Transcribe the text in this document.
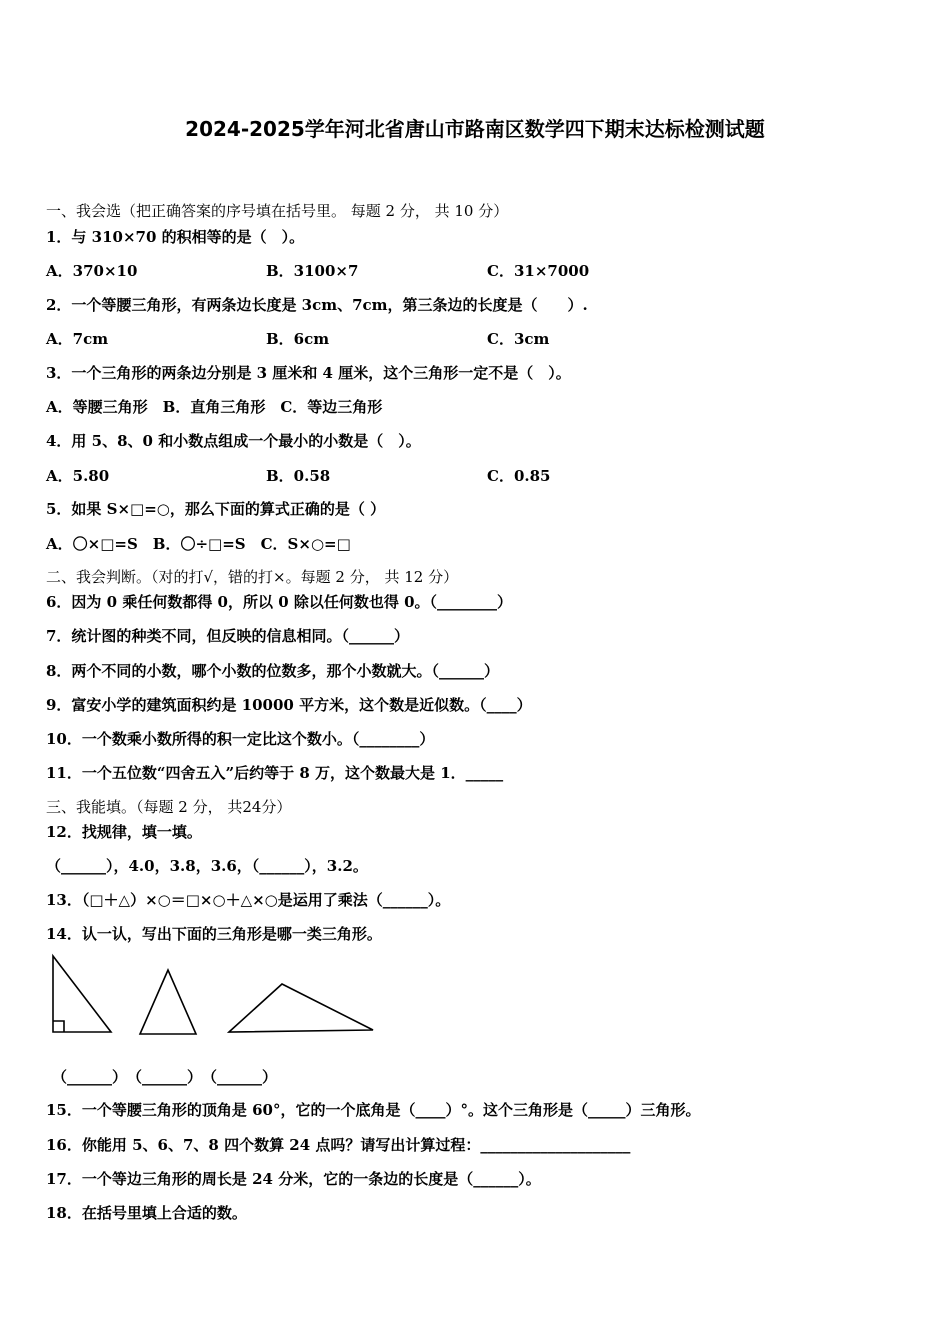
2024-2025学年河北省唐山市路南区数学四下期末达标检测试题
一、我会选（把正确答案的序号填在括号里。 每题 2 分， 共 10 分）
1．与 310×70 的积相等的是（　）。
A．370×10	B．3100×7	C．31×7000
2．一个等腰三角形，有两条边长度是 3cm、7cm，第三条边的长度是（　　）.
A．7cm	B．6cm	C．3cm
3．一个三角形的两条边分别是 3 厘米和 4 厘米，这个三角形一定不是（　）。
A．等腰三角形　B．直角三角形　C．等边三角形
4．用 5、8、0 和小数点组成一个最小的小数是（　）。
A．5.80	B．0.58	C．0.85
5．如果 S×□=○，那么下面的算式正确的是（ ）
A．〇×□=S　B．〇÷□=S　C．S×○=□
二、我会判断。（对的打√，错的打×。每题 2 分， 共 12 分）
6．因为 0 乘任何数都得 0，所以 0 除以任何数也得 0。（________）
7．统计图的种类不同，但反映的信息相同。（______）
8．两个不同的小数，哪个小数的位数多，那个小数就大。（______）
9．富安小学的建筑面积约是 10000 平方米，这个数是近似数。（____）
10．一个数乘小数所得的积一定比这个数小。（________）
11．一个五位数“四舍五入”后约等于 8 万，这个数最大是 1．_____
三、我能填。（每题 2 分， 共24分）
12．找规律，填一填。
（______），4.0，3.8，3.6，（______），3.2。
13．（□＋△）×○＝□×○＋△×○是运用了乘法（______）。
14．认一认，写出下面的三角形是哪一类三角形。
（______）　（______）　（______）
15．一个等腰三角形的顶角是 60°，它的一个底角是（____）°。这个三角形是（_____）三角形。
16．你能用 5、6、7、8 四个数算 24 点吗？请写出计算过程：____________________
17．一个等边三角形的周长是 24 分米，它的一条边的长度是（______）。
18．在括号里填上合适的数。
